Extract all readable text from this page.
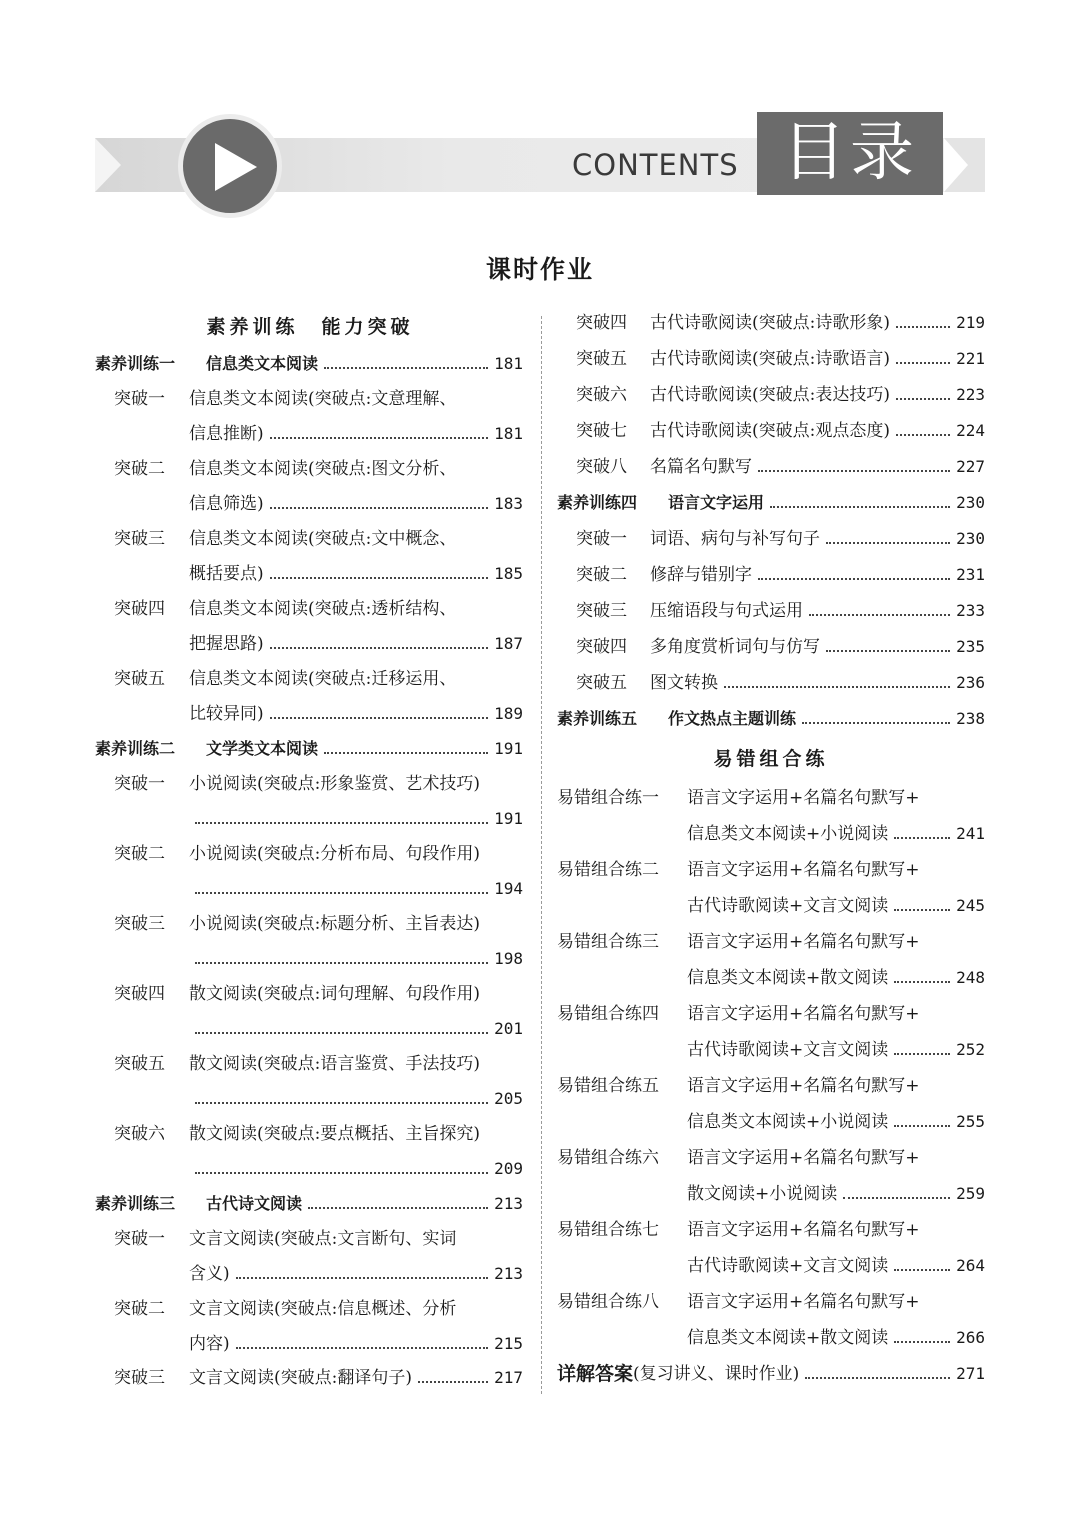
CONTENTS 目录
课时作业
素养训练　能力突破
易错组合练
素养训练一	信息类文本阅读	181
突破一	信息类文本阅读(突破点:文意理解、
信息推断)	181
突破二	信息类文本阅读(突破点:图文分析、
信息筛选)	183
突破三	信息类文本阅读(突破点:文中概念、
概括要点)	185
突破四	信息类文本阅读(突破点:透析结构、
把握思路)	187
突破五	信息类文本阅读(突破点:迁移运用、
比较异同)	189
素养训练二	文学类文本阅读	191
突破一	小说阅读(突破点:形象鉴赏、艺术技巧)
191
突破二	小说阅读(突破点:分析布局、句段作用)
194
突破三	小说阅读(突破点:标题分析、主旨表达)
198
突破四	散文阅读(突破点:词句理解、句段作用)
201
突破五	散文阅读(突破点:语言鉴赏、手法技巧)
205
突破六	散文阅读(突破点:要点概括、主旨探究)
209
素养训练三	古代诗文阅读	213
突破一	文言文阅读(突破点:文言断句、实词
含义)	213
突破二	文言文阅读(突破点:信息概述、分析
内容)	215
突破三	文言文阅读(突破点:翻译句子)	217
突破四	古代诗歌阅读(突破点:诗歌形象)	219
突破五	古代诗歌阅读(突破点:诗歌语言)	221
突破六	古代诗歌阅读(突破点:表达技巧)	223
突破七	古代诗歌阅读(突破点:观点态度)	224
突破八	名篇名句默写	227
素养训练四	语言文字运用	230
突破一	词语、病句与补写句子	230
突破二	修辞与错别字	231
突破三	压缩语段与句式运用	233
突破四	多角度赏析词句与仿写	235
突破五	图文转换	236
素养训练五	作文热点主题训练	238
易错组合练一	语言文字运用+名篇名句默写+
信息类文本阅读+小说阅读	241
易错组合练二	语言文字运用+名篇名句默写+
古代诗歌阅读+文言文阅读	245
易错组合练三	语言文字运用+名篇名句默写+
信息类文本阅读+散文阅读	248
易错组合练四	语言文字运用+名篇名句默写+
古代诗歌阅读+文言文阅读	252
易错组合练五	语言文字运用+名篇名句默写+
信息类文本阅读+小说阅读	255
易错组合练六	语言文字运用+名篇名句默写+
散文阅读+小说阅读	259
易错组合练七	语言文字运用+名篇名句默写+
古代诗歌阅读+文言文阅读	264
易错组合练八	语言文字运用+名篇名句默写+
信息类文本阅读+散文阅读	266
详解答案 (复习讲义、课时作业)	271
